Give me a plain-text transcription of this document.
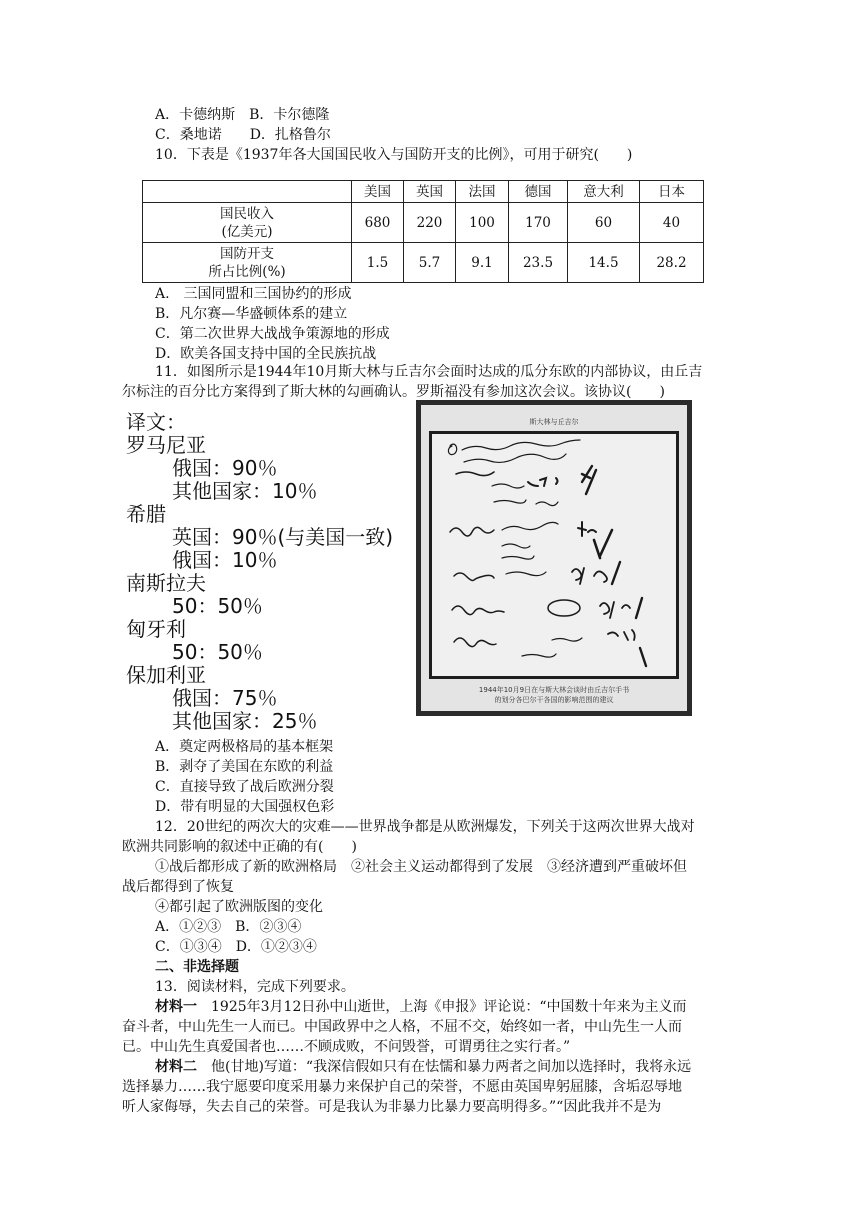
A．卡德纳斯　B．卡尔德隆
C．桑地诺　　D．扎格鲁尔
10．下表是《1937年各大国国民收入与国防开支的比例》，可用于研究(　　)
	美国	英国	法国	德国	意大利	日本

国民收入
(亿美元)	680	220	100	170	60	40

国防开支
所占比例(%)	1.5	5.7	9.1	23.5	14.5	28.2
A.　三国同盟和三国协约的形成
B．凡尔赛—华盛顿体系的建立
C．第二次世界大战战争策源地的形成
D．欧美各国支持中国的全民族抗战
11．如图所示是1944年10月斯大林与丘吉尔会面时达成的瓜分东欧的内部协议，由丘吉
尔标注的百分比方案得到了斯大林的勾画确认。罗斯福没有参加这次会议。该协议(　　)
译文：
罗马尼亚
俄国：90％
其他国家：10％
希腊
英国：90％(与美国一致)
俄国：10％
南斯拉夫
50：50％
匈牙利
50：50％
保加利亚
俄国：75％
其他国家：25％
斯大林与丘吉尔
1944年10月9日在与斯大林会谈时由丘吉尔手书
的划分各巴尔干各国的影响范围的建议
A．奠定两极格局的基本框架
B．剥夺了美国在东欧的利益
C．直接导致了战后欧洲分裂
D．带有明显的大国强权色彩
12．20世纪的两次大的灾难——世界战争都是从欧洲爆发，下列关于这两次世界大战对
欧洲共同影响的叙述中正确的有(　　)
①战后都形成了新的欧洲格局　②社会主义运动都得到了发展　③经济遭到严重破坏但
战后都得到了恢复
④都引起了欧洲版图的变化
A．①②③　B．②③④
C．①③④　D．①②③④
二、非选择题
13．阅读材料，完成下列要求。
材料一　1925年3月12日孙中山逝世，上海《申报》评论说：“中国数十年来为主义而
奋斗者，中山先生一人而已。中国政界中之人格，不屈不交，始终如一者，中山先生一人而
已。中山先生真爱国者也……不顾成败，不问毁誉，可谓勇往之实行者。”
材料二　他(甘地)写道：“我深信假如只有在怯懦和暴力两者之间加以选择时，我将永远
选择暴力……我宁愿要印度采用暴力来保护自己的荣誉，不愿由英国卑躬屈膝，含垢忍辱地
听人家侮辱，失去自己的荣誉。可是我认为非暴力比暴力要高明得多。”“因此我并不是为
